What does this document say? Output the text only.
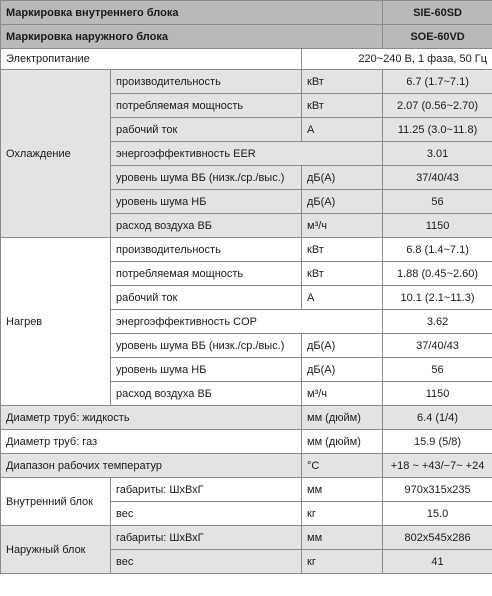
Маркировка внутреннего блока			SIE-60SD
Маркировка наружного блока			SOE-60VD
Электропитание		220~240 В, 1 фаза, 50 Гц	
Охлаждение	производительность	кВт	6.7 (1.7~7.1)
	потребляемая мощность	кВт	2.07 (0.56~2.70)
	рабочий ток	А	11.25 (3.0~11.8)
	энергоэффективность EER		3.01
	уровень шума ВБ (низк./ср./выс.)	дБ(А)	37/40/43
	уровень шума НБ	дБ(А)	56
	расход воздуха ВБ	м³/ч	1150
Нагрев	производительность	кВт	6.8 (1.4~7.1)
	потребляемая мощность	кВт	1.88 (0.45~2.60)
	рабочий ток	А	10.1 (2.1~11.3)
	энергоэффективность COP		3.62
	уровень шума ВБ (низк./ср./выс.)	дБ(А)	37/40/43
	уровень шума НБ	дБ(А)	56
	расход воздуха ВБ	м³/ч	1150
Диаметр труб: жидкость		мм (дюйм)	6.4 (1/4)
Диаметр труб: газ		мм (дюйм)	15.9 (5/8)
Диапазон рабочих температур		°С	+18 ~ +43/−7~ +24
Внутренний блок	габариты: ШхВхГ	мм	970x315x235
	вес	кг	15.0
Наружный блок	габариты: ШхВхГ	мм	802x545x286
	вес	кг	41
